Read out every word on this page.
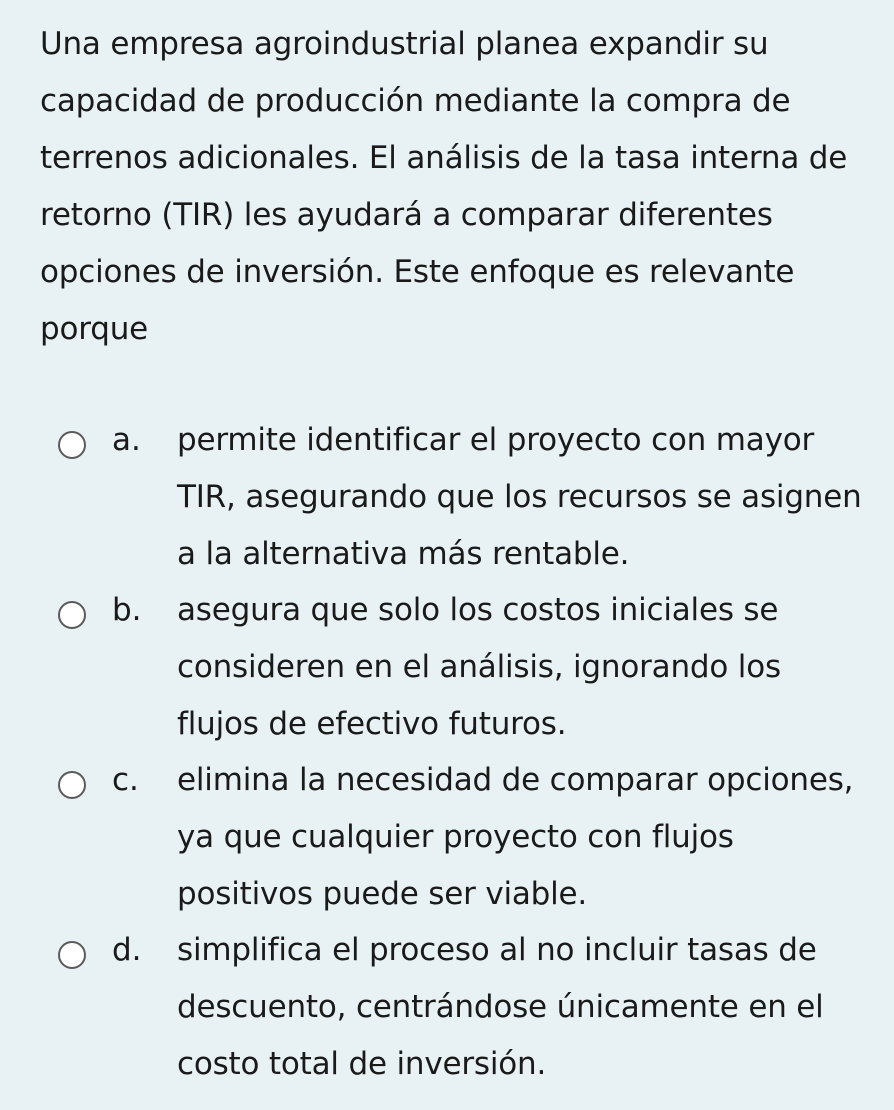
Una empresa agroindustrial planea expandir su capacidad de producción mediante la compra de terrenos adicionales. El análisis de la tasa interna de retorno (TIR) les ayudará a comparar diferentes opciones de inversión. Este enfoque es relevante porque

a. permite identificar el proyecto con mayor TIR, asegurando que los recursos se asignen a la alternativa más rentable.
b. asegura que solo los costos iniciales se consideren en el análisis, ignorando los flujos de efectivo futuros.
c. elimina la necesidad de comparar opciones, ya que cualquier proyecto con flujos positivos puede ser viable.
d. simplifica el proceso al no incluir tasas de descuento, centrándose únicamente en el costo total de inversión.
